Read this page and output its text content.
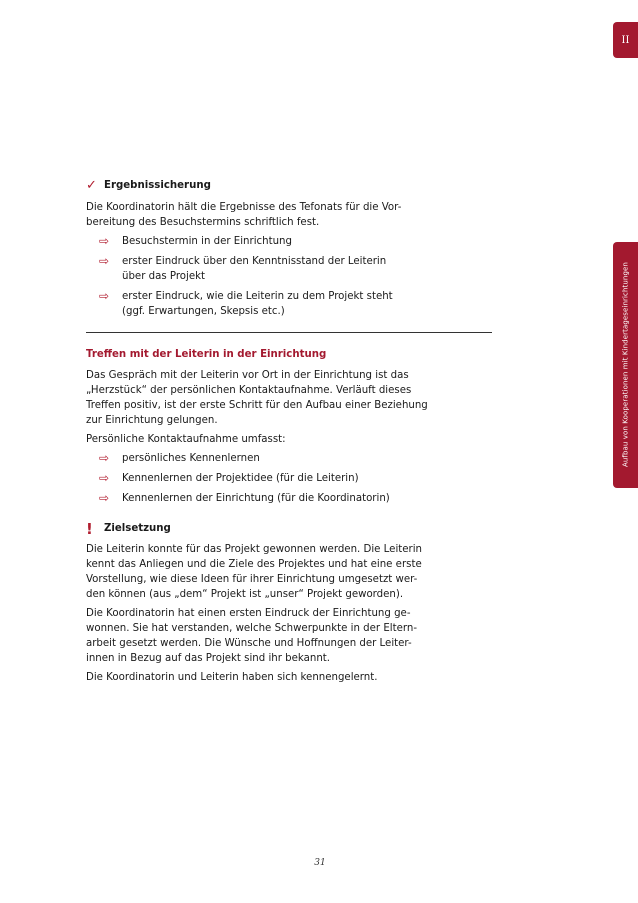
II
Aufbau von Kooperationen mit Kindertageseinrichtungen
✓ Ergebnissicherung

Die Koordinatorin hält die Ergebnisse des Tefonats für die Vor-
bereitung des Besuchstermins schriftlich fest.

⇨ Besuchstermin in der Einrichtung
⇨ erster Eindruck über den Kenntnisstand der Leiterin über das Projekt
⇨ erster Eindruck, wie die Leiterin zu dem Projekt steht (ggf. Erwartungen, Skepsis etc.)
Treffen mit der Leiterin in der Einrichtung

Das Gespräch mit der Leiterin vor Ort in der Einrichtung ist das „Herzstück“ der persönlichen Kontaktaufnahme. Verläuft dieses Treffen positiv, ist der erste Schritt für den Aufbau einer Beziehung zur Einrichtung gelungen.

Persönliche Kontaktaufnahme umfasst:

⇨ persönliches Kennenlernen
⇨ Kennenlernen der Projektidee (für die Leiterin)
⇨ Kennenlernen der Einrichtung (für die Koordinatorin)
! Zielsetzung

Die Leiterin konnte für das Projekt gewonnen werden. Die Leiterin kennt das Anliegen und die Ziele des Projektes und hat eine erste Vorstellung, wie diese Ideen für ihrer Einrichtung umgesetzt wer-den können (aus „dem“ Projekt ist „unser“ Projekt geworden).

Die Koordinatorin hat einen ersten Eindruck der Einrichtung ge-wonnen. Sie hat verstanden, welche Schwerpunkte in der Eltern-arbeit gesetzt werden. Die Wünsche und Hoffnungen der Leiter-innen in Bezug auf das Projekt sind ihr bekannt.

Die Koordinatorin und Leiterin haben sich kennengelernt.

31
